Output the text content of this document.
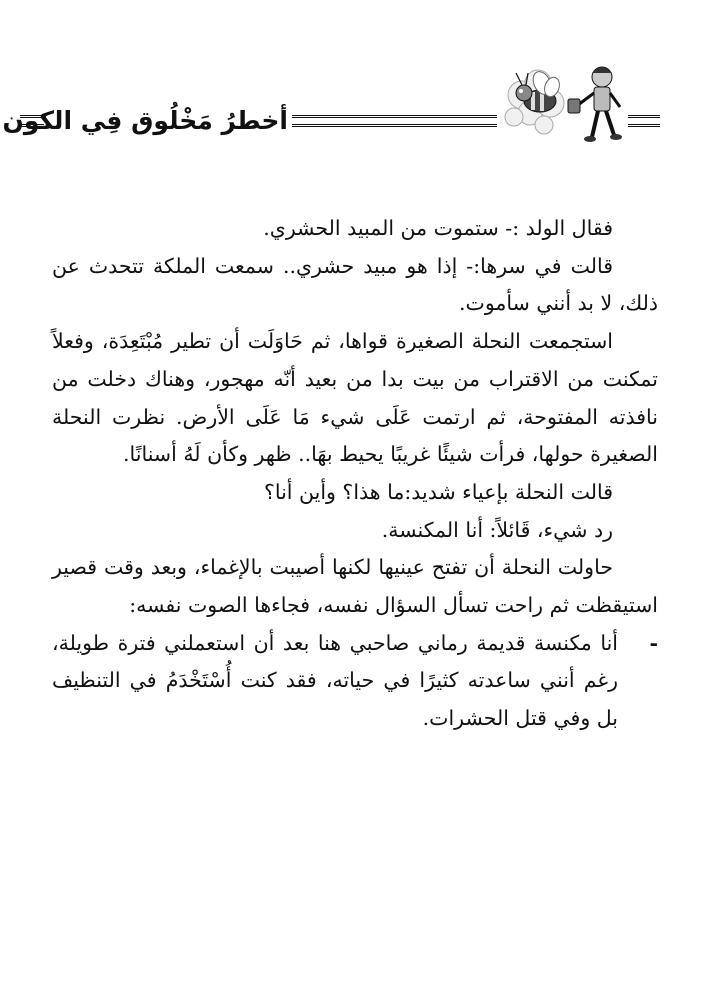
أخطرُ مَخْلُوق فِي الكون

فقال الولد :- ستموت من المبيد الحشري.

قالت في سرها:- إذا هو مبيد حشري.. سمعت الملكة تتحدث عن ذلك، لا بد أنني سأموت.

استجمعت النحلة الصغيرة قواها، ثم حَاوَلَت أن تطير مُبْتَعِدَة، وفعلاً تمكنت من الاقتراب من بيت بدا من بعيد أنّه مهجور، وهناك دخلت من نافذته المفتوحة، ثم ارتمت عَلَى شيء مَا عَلَى الأرض. نظرت النحلة الصغيرة حولها، فرأت شيئًا غريبًا يحيط بهَا.. ظهر وكأن لَهُ أسنانًا.

قالت النحلة بإعياء شديد:ما هذا؟ وأين أنا؟

رد شيء، قَائلاً: أنا المكنسة.

حاولت النحلة أن تفتح عينيها لكنها أصيبت بالإغماء، وبعد وقت قصير استيقظت ثم راحت تسأل السؤال نفسه، فجاءها الصوت نفسه:

-
أنا مكنسة قديمة رماني صاحبي هنا بعد أن استعملني فترة طويلة، رغم أنني ساعدته كثيرًا في حياته، فقد كنت أُسْتَخْدَمُ في التنظيف بل وفي قتل الحشرات.
